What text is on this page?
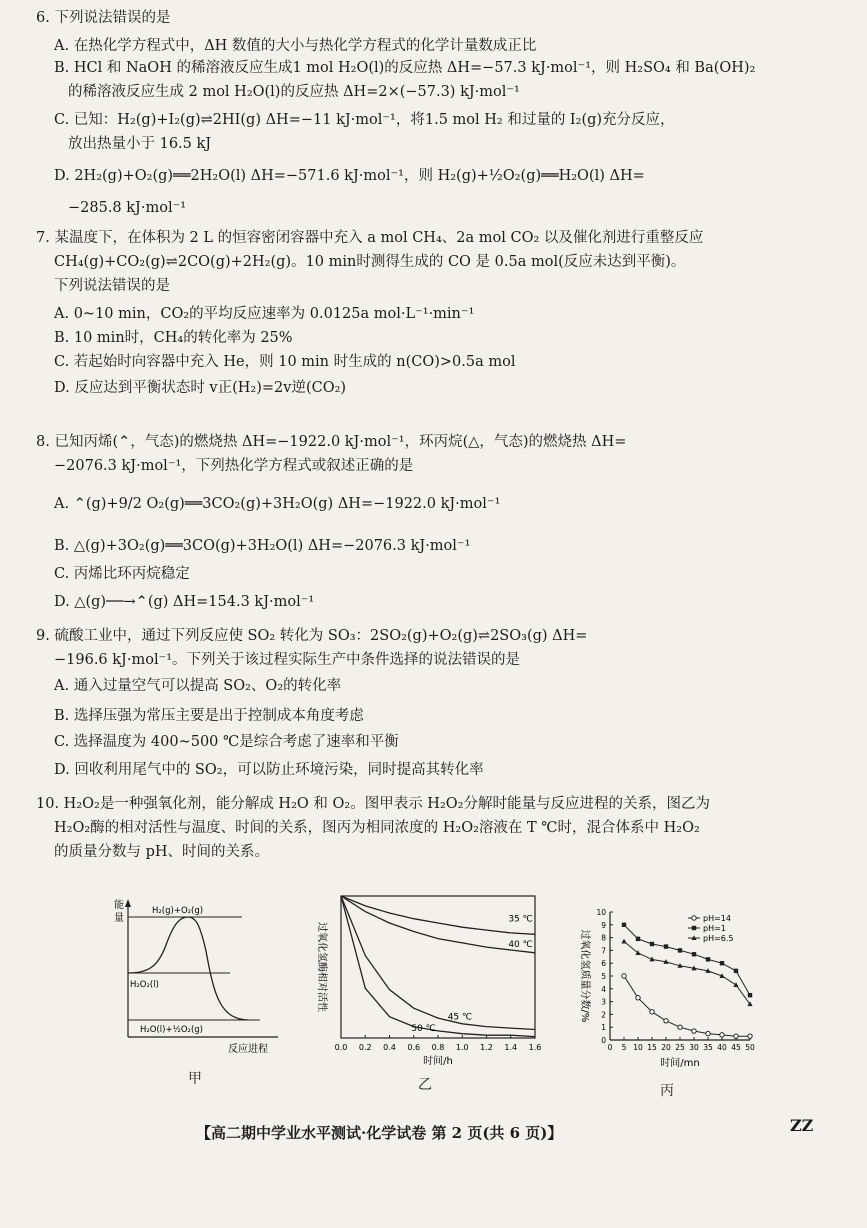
6. 下列说法错误的是
A. 在热化学方程式中，ΔH 数值的大小与热化学方程式的化学计量数成正比
B. HCl 和 NaOH 的稀溶液反应生成1 mol H₂O(l)的反应热 ΔH=−57.3 kJ·mol⁻¹，则 H₂SO₄ 和 Ba(OH)₂
的稀溶液反应生成 2 mol H₂O(l)的反应热 ΔH=2×(−57.3) kJ·mol⁻¹
C. 已知：H₂(g)+I₂(g)⇌2HI(g) ΔH=−11 kJ·mol⁻¹，将1.5 mol H₂ 和过量的 I₂(g)充分反应，
放出热量小于 16.5 kJ
D. 2H₂(g)+O₂(g)══2H₂O(l) ΔH=−571.6 kJ·mol⁻¹，则 H₂(g)+½O₂(g)══H₂O(l) ΔH=
−285.8 kJ·mol⁻¹
7. 某温度下，在体积为 2 L 的恒容密闭容器中充入 a mol CH₄、2a mol CO₂ 以及催化剂进行重整反应
CH₄(g)+CO₂(g)⇌2CO(g)+2H₂(g)。10 min时测得生成的 CO 是 0.5a mol(反应未达到平衡)。
下列说法错误的是
A. 0~10 min，CO₂的平均反应速率为 0.0125a mol·L⁻¹·min⁻¹
B. 10 min时，CH₄的转化率为 25%
C. 若起始时向容器中充入 He，则 10 min 时生成的 n(CO)>0.5a mol
D. 反应达到平衡状态时 v正(H₂)=2v逆(CO₂)
8. 已知丙烯(⌃，气态)的燃烧热 ΔH=−1922.0 kJ·mol⁻¹，环丙烷(△，气态)的燃烧热 ΔH=
−2076.3 kJ·mol⁻¹，下列热化学方程式或叙述正确的是
A. ⌃(g)+9/2 O₂(g)══3CO₂(g)+3H₂O(g) ΔH=−1922.0 kJ·mol⁻¹
B. △(g)+3O₂(g)══3CO(g)+3H₂O(l) ΔH=−2076.3 kJ·mol⁻¹
C. 丙烯比环丙烷稳定
D. △(g)──→⌃(g) ΔH=154.3 kJ·mol⁻¹
9. 硫酸工业中，通过下列反应使 SO₂ 转化为 SO₃：2SO₂(g)+O₂(g)⇌2SO₃(g) ΔH=
−196.6 kJ·mol⁻¹。下列关于该过程实际生产中条件选择的说法错误的是
A. 通入过量空气可以提高 SO₂、O₂的转化率
B. 选择压强为常压主要是出于控制成本角度考虑
C. 选择温度为 400~500 ℃是综合考虑了速率和平衡
D. 回收利用尾气中的 SO₂，可以防止环境污染，同时提高其转化率
10. H₂O₂是一种强氧化剂，能分解成 H₂O 和 O₂。图甲表示 H₂O₂分解时能量与反应进程的关系，图乙为
H₂O₂酶的相对活性与温度、时间的关系，图丙为相同浓度的 H₂O₂溶液在 T ℃时，混合体系中 H₂O₂
的质量分数与 pH、时间的关系。
能
量
H₂(g)+O₂(g)
H₂O₂(l)
H₂O(l)+½O₂(g)
反应进程
甲
0.0 0.2 0.4 0.6 0.8 1.0 1.2 1.4 1.6
时间/h
过氧化氢酶相对活性
35 ℃
40 ℃
45 ℃
50 ℃
乙
0
1
2
3
4
5
6
7
8
9
10
0 5 10 15 20 25 30 35 40 45 50
时间/mn
过氧化氢质量分数/%
pH=14
pH=1
pH=6.5
丙
【高二期中学业水平测试·化学试卷 第 2 页(共 6 页)】	ZZ
